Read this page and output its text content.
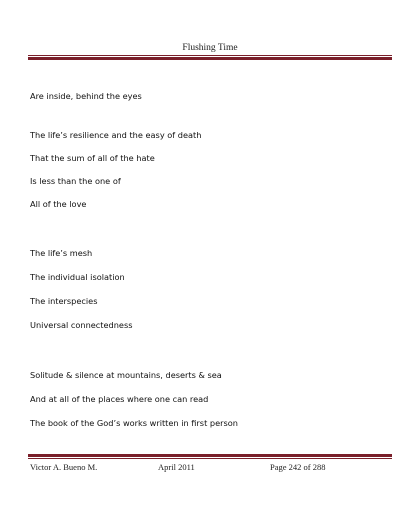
Flushing Time
Are inside, behind the eyes
The life’s resilience and the easy of death
That the sum of all of the hate
Is less than the one of
All of the love
The life’s mesh
The individual isolation
The interspecies
Universal connectedness
Solitude & silence at mountains, deserts & sea
And at all of the places where one can read
The book of the God’s works written in first person
Victor A. Bueno M.	April 2011	Page 242 of 288
